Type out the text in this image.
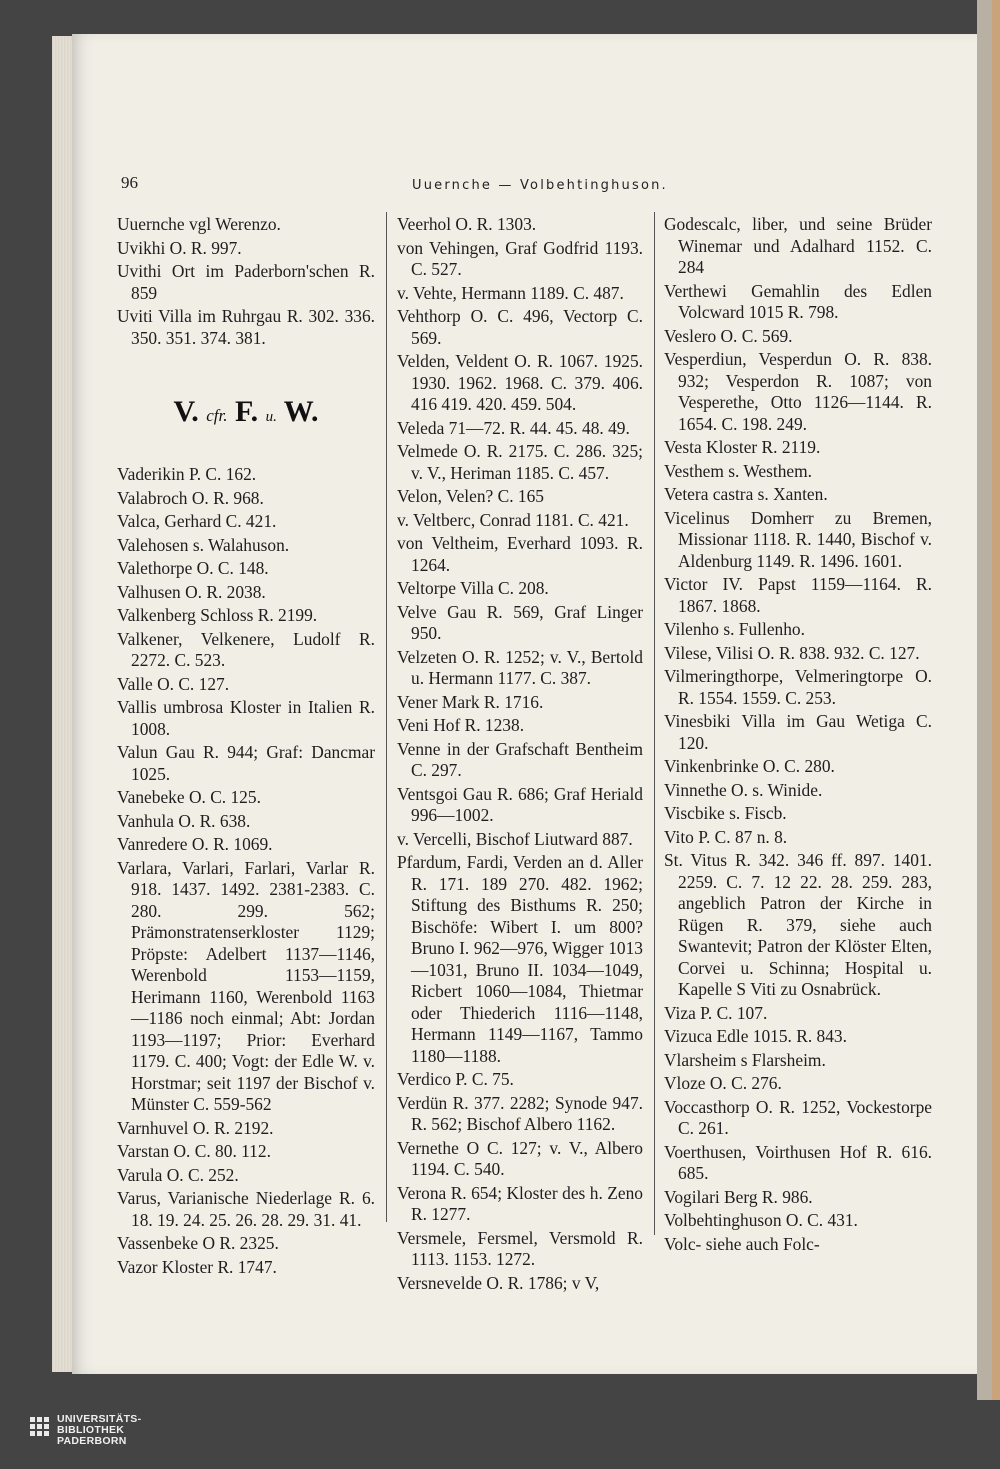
96	Uuernche — Volbehtinghuson.

Uuernche vgl Werenzo.

Uvikhi O. R. 997.

Uvithi Ort im Paderborn'schen R. 859

Uviti Villa im Ruhrgau R. 302. 336. 350. 351. 374. 381.

V. cfr. F. u. W.

Vaderikin P. C. 162.

Valabroch O. R. 968.

Valca, Gerhard C. 421.

Valehosen s. Walahuson.

Valethorpe O. C. 148.

Valhusen O. R. 2038.

Valkenberg Schloss R. 2199.

Valkener, Velkenere, Ludolf R. 2272. C. 523.

Valle O. C. 127.

Vallis umbrosa Kloster in Italien R. 1008.

Valun Gau R. 944; Graf: Dancmar 1025.

Vanebeke O. C. 125.

Vanhula O. R. 638.

Vanredere O. R. 1069.

Varlara, Varlari, Farlari, Varlar R. 918. 1437. 1492. 2381-2383. C. 280. 299. 562; Prämonstratenserkloster 1129; Pröpste: Adelbert 1137—1146, Werenbold 1153—1159, Herimann 1160, Werenbold 1163—1186 noch einmal; Abt: Jordan 1193—1197; Prior: Everhard 1179. C. 400; Vogt: der Edle W. v. Horstmar; seit 1197 der Bischof v. Münster C. 559-562

Varnhuvel O. R. 2192.

Varstan O. C. 80. 112.

Varula O. C. 252.

Varus, Varianische Niederlage R. 6. 18. 19. 24. 25. 26. 28. 29. 31. 41.

Vassenbeke O R. 2325.

Vazor Kloster R. 1747.

Veerhol O. R. 1303.

von Vehingen, Graf Godfrid 1193. C. 527.

v. Vehte, Hermann 1189. C. 487.

Vehthorp O. C. 496, Vectorp C. 569.

Velden, Veldent O. R. 1067. 1925. 1930. 1962. 1968. C. 379. 406. 416 419. 420. 459. 504.

Veleda 71—72. R. 44. 45. 48. 49.

Velmede O. R. 2175. C. 286. 325; v. V., Heriman 1185. C. 457.

Velon, Velen? C. 165

v. Veltberc, Conrad 1181. C. 421.

von Veltheim, Everhard 1093. R. 1264.

Veltorpe Villa C. 208.

Velve Gau R. 569, Graf Linger 950.

Velzeten O. R. 1252; v. V., Bertold u. Hermann 1177. C. 387.

Vener Mark R. 1716.

Veni Hof R. 1238.

Venne in der Grafschaft Bentheim C. 297.

Ventsgoi Gau R. 686; Graf Herіald 996—1002.

v. Vercelli, Bischof Liutward 887.

Pfardum, Fardi, Verden an d. Aller R. 171. 189 270. 482. 1962; Stiftung des Bisthums R. 250; Bischöfe: Wibert I. um 800? Bruno I. 962—976, Wigger 1013—1031, Bruno II. 1034—1049, Ricbert 1060—1084, Thietmar oder Thiederich 1116—1148, Hermann 1149—1167, Tammo 1180—1188.

Verdico P. C. 75.

Verdün R. 377. 2282; Synode 947. R. 562; Bischof Albero 1162.

Vernethe O C. 127; v. V., Albero 1194. C. 540.

Verona R. 654; Kloster des h. Zeno R. 1277.

Versmele, Fersmel, Versmold R. 1113. 1153. 1272.

Versnevelde O. R. 1786; v V,

Godescalc, liber, und seine Brüder Winemar und Adalhard 1152. C. 284

Verthewi Gemahlin des Edlen Volcward 1015 R. 798.

Veslero O. C. 569.

Vesperdiun, Vesperdun O. R. 838. 932; Vesperdon R. 1087; von Vesperethe, Otto 1126—1144. R. 1654. C. 198. 249.

Vesta Kloster R. 2119.

Vesthem s. Westhem.

Vetera castra s. Xanten.

Vicelinus Domherr zu Bremen, Missionar 1118. R. 1440, Bischof v. Aldenburg 1149. R. 1496. 1601.

Victor IV. Papst 1159—1164. R. 1867. 1868.

Vilenho s. Fullenho.

Vilese, Vilisi O. R. 838. 932. C. 127.

Vilmeringthorpe, Velmeringtorpe O. R. 1554. 1559. C. 253.

Vinesbiki Villa im Gau Wetiga C. 120.

Vinkenbrinke O. C. 280.

Vinnethe O. s. Winide.

Viscbike s. Fiscb.

Vito P. C. 87 n. 8.

St. Vitus R. 342. 346 ff. 897. 1401. 2259. C. 7. 12 22. 28. 259. 283, angeblich Patron der Kirche in Rügen R. 379, siehe auch Swantevit; Patron der Klöster Elten, Corvei u. Schinna; Hospital u. Kapelle S Viti zu Osnabrück.

Viza P. C. 107.

Vizuca Edle 1015. R. 843.

Vlarsheim s Flarsheim.

Vloze O. C. 276.

Voccasthorp O. R. 1252, Vockestorpe C. 261.

Voerthusen, Voirthusen Hof R. 616. 685.

Vogilari Berg R. 986.

Volbehtinghuson O. C. 431.

Volc- siehe auch Folc-

UNIVERSITÄTS-
BIBLIOTHEK
PADERBORN
